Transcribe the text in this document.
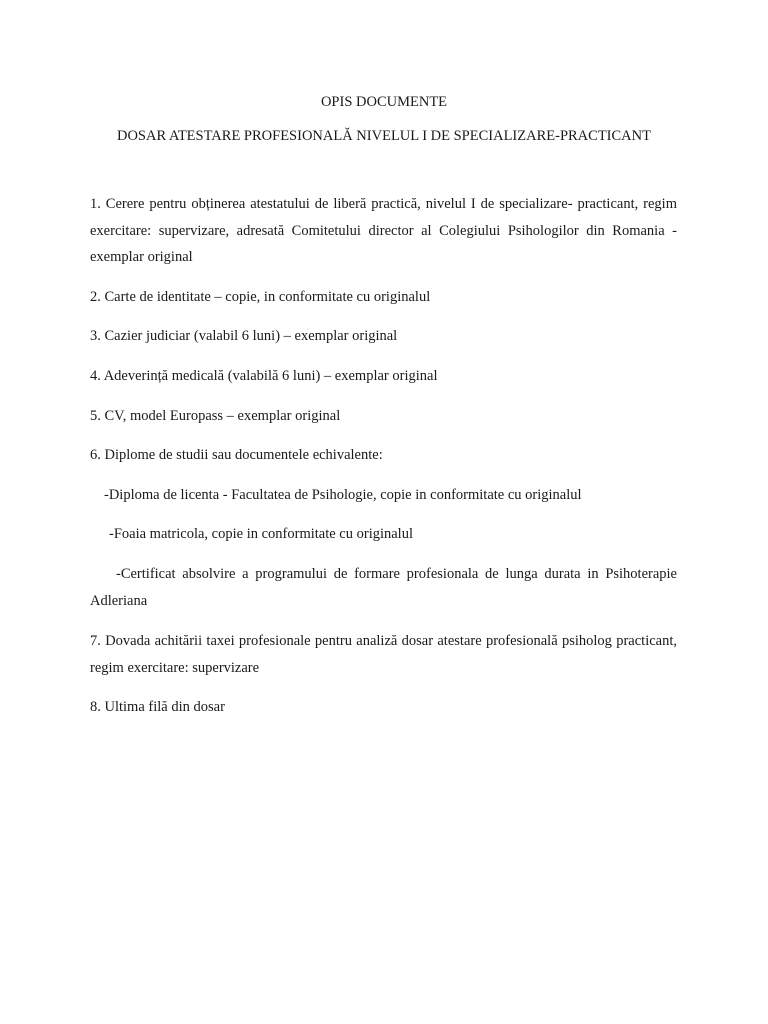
OPIS DOCUMENTE
DOSAR ATESTARE PROFESIONALĂ NIVELUL I DE SPECIALIZARE-PRACTICANT

1. Cerere pentru obținerea atestatului de liberă practică, nivelul I de specializare- practicant, regim exercitare: supervizare, adresată Comitetului director al Colegiului Psihologilor din Romania - exemplar original

2. Carte de identitate – copie, in conformitate cu originalul

3. Cazier judiciar (valabil 6 luni) – exemplar original

4. Adeverință medicală (valabilă 6 luni) – exemplar original

5. CV, model Europass – exemplar original

6. Diplome de studii sau documentele echivalente:

-Diploma de licenta - Facultatea de Psihologie, copie in conformitate cu originalul

-Foaia matricola, copie in conformitate cu originalul

-Certificat absolvire a programului de formare profesionala de lunga durata in Psihoterapie Adleriana

7. Dovada achitării taxei profesionale pentru analiză dosar atestare profesională psiholog practicant, regim exercitare: supervizare

8. Ultima filă din dosar
